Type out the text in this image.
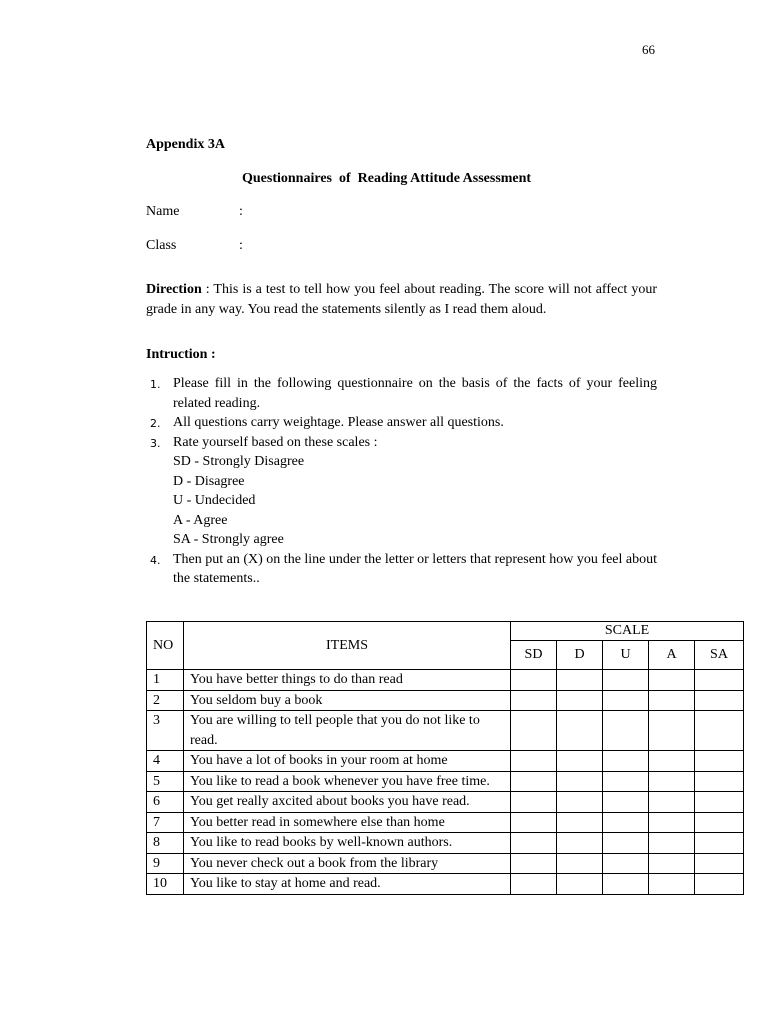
66
Appendix 3A
Questionnaires  of  Reading Attitude Assessment
Name	:
Class	:
Direction : This is a test to tell how you feel about reading. The score will not affect your grade in any way. You read the statements silently as I read them aloud.
Intruction :
1. Please fill in the following questionnaire on the basis of the facts of your feeling related reading.
2. All questions carry weightage. Please answer all questions.
3. Rate yourself based on these scales :
SD - Strongly Disagree
D - Disagree
U - Undecided
A - Agree
SA - Strongly agree
4. Then put an (X) on the line under the letter or letters that represent how you feel about the statements..
NO	ITEMS	SCALE				
		SD	D	U	A	SA
1	You have better things to do than read					
2	You seldom buy a book					
3	You are willing to tell people that you do not like to read.					
4	You have a lot of books in your room at home					
5	You like to read a book whenever you have free time.					
6	You get really axcited about books you have read.					
7	You better read in somewhere else than home					
8	You like to read books by well-known authors.					
9	You never check out a book from the library					
10	You like to stay at home and read.					
